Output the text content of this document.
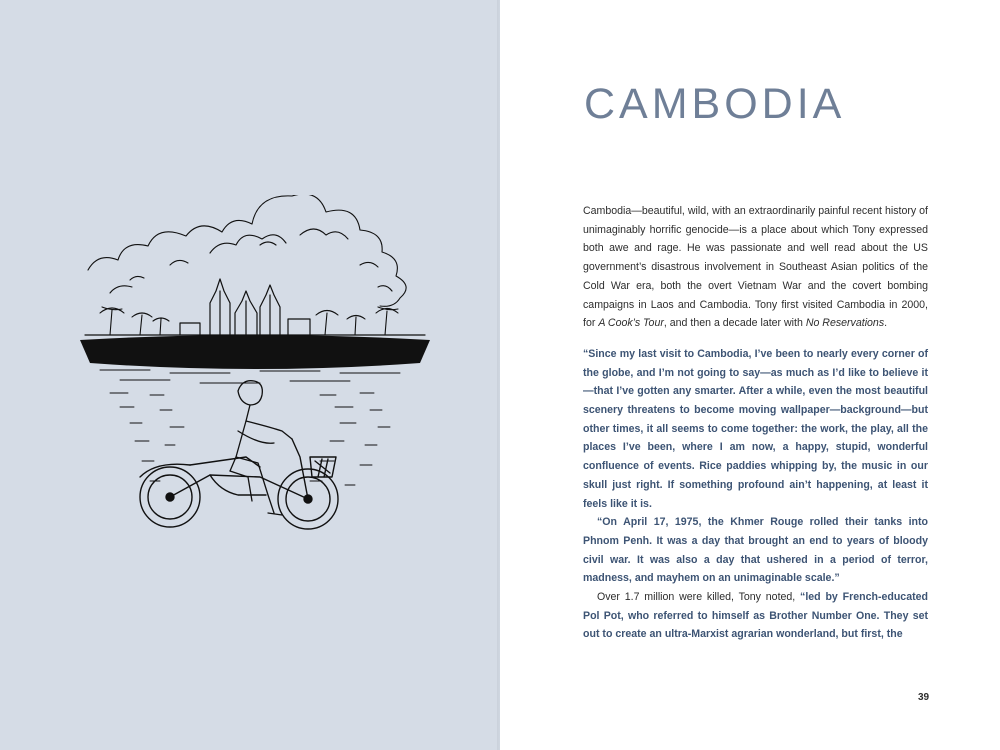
CAMBODIA

Cambodia—beautiful, wild, with an extraordinarily painful recent history of unimaginably horrific genocide—is a place about which Tony expressed both awe and rage. He was passionate and well read about the US government’s disastrous involvement in Southeast Asian politics of the Cold War era, both the overt Vietnam War and the covert bombing campaigns in Laos and Cambodia. Tony first visited Cambodia in 2000, for A Cook’s Tour, and then a decade later with No Reservations.

“Since my last visit to Cambodia, I’ve been to nearly every corner of the globe, and I’m not going to say—as much as I’d like to believe it—that I’ve gotten any smarter. After a while, even the most beautiful scenery threatens to become moving wallpaper—background—but other times, it all seems to come together: the work, the play, all the places I’ve been, where I am now, a happy, stupid, wonderful confluence of events. Rice paddies whipping by, the music in our skull just right. If something profound ain’t happening, at least it feels like it is.

“On April 17, 1975, the Khmer Rouge rolled their tanks into Phnom Penh. It was a day that brought an end to years of bloody civil war. It was also a day that ushered in a period of terror, madness, and mayhem on an unimaginable scale.”

Over 1.7 million were killed, Tony noted, “led by French-educated Pol Pot, who referred to himself as Brother Number One. They set out to create an ultra-Marxist agrarian wonderland, but first, the

39
